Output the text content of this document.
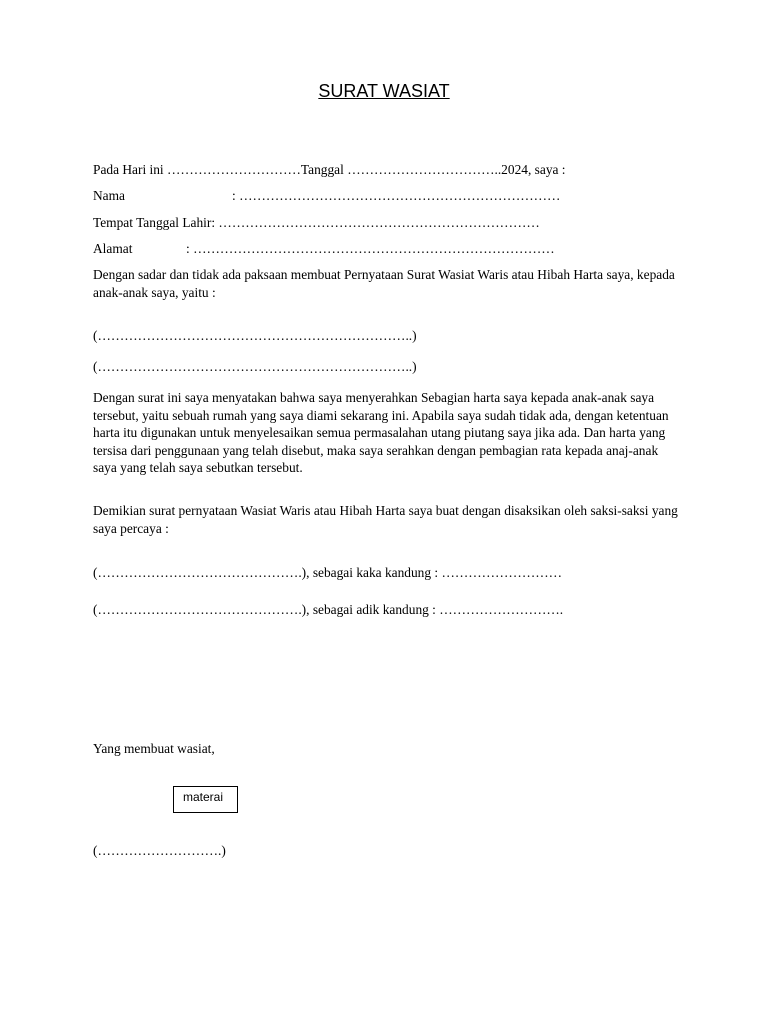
SURAT WASIAT
Pada Hari ini …………………………Tanggal ……………………………..2024, saya :
Nama	: ………………………………………………………………
Tempat Tanggal Lahir: ………………………………………………………………
Alamat	: ………………………………………………………………………

Dengan sadar dan tidak ada paksaan membuat Pernyataan Surat Wasiat Waris atau Hibah Harta saya, kepada anak-anak saya, yaitu :

(……………………………………………………………..)
(……………………………………………………………..)

Dengan surat ini saya menyatakan bahwa saya menyerahkan Sebagian harta saya kepada anak-anak saya tersebut, yaitu sebuah rumah yang saya diami sekarang ini. Apabila saya sudah tidak ada, dengan ketentuan harta itu digunakan untuk menyelesaikan semua permasalahan utang piutang saya jika ada. Dan harta yang tersisa dari penggunaan yang telah disebut, maka saya serahkan dengan pembagian rata kepada anaj-anak saya yang telah saya sebutkan tersebut.

Demikian surat pernyataan Wasiat Waris atau Hibah Harta saya buat dengan disaksikan oleh saksi-saksi yang saya percaya :

(……………………………………….), sebagai kaka kandung : ………………………
(……………………………………….), sebagai adik kandung : ……………………….
Yang membuat wasiat,
materai
(……………………….)
